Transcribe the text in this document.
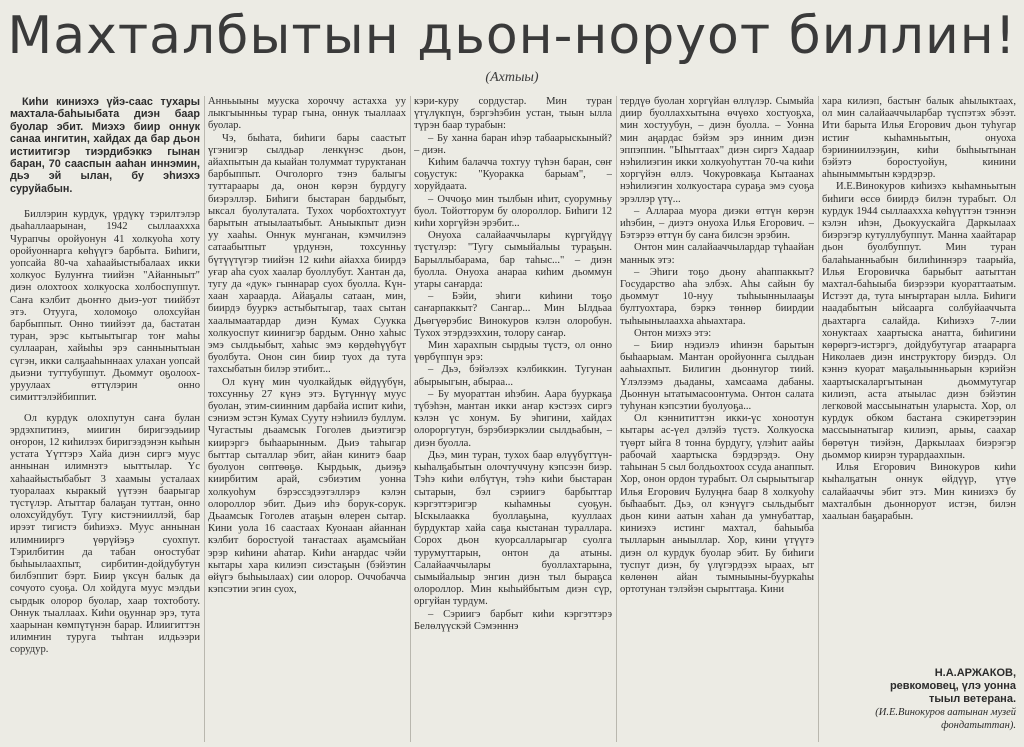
Махталбытын дьон-норуот биллин!
(Ахтыы)

Киһи киниэхэ үйэ-саас тухары махтала-баһыыбата диэн баар буолар эбит. Миэхэ биир оннук санаа ингитин, хайдах да бар дьон истиитигэр тиэрдибэккэ гынан баран, 70 сааспын ааһан иннэмин, дьэ эй ылан, бу эһиэхэ суруйабын.

Биллэрин курдук, үрдүкү тэрилтэлэр дьаһаллаарынан, 1942 сыллааххха Чурапчы оройуонун 41 холкуоһа хоту оройуоннарга көһүүгэ барбыта. Биһиги, уопсайа 80-ча хаһаайыстыбалаах икки холкуос Булуҥҥа тиийэн "Айанныыт" диэн олохтоох холкуоска холбоспуппут. Саҥа кэлбит дьоҥҥо дьиэ-уот тиийбэт этэ. Отууга, холомоҕо олохсуйан барбыппыт. Онно тиийээт да, бастатан туран, эрэс кытыытыгар тоҥ маһы суллааран, хайыһы эрэ саннынытыан сүгэн, икки салҕааһыннаах улахан уопсай дьиэни туттубуппут. Дьоммут оҕолоох-уруулаах өттүлэрин онно симиттэлэйбиппит.

Ол курдук олохпутун саҥа булан эрдэхпитинэ, миигин биригээдьиир оҥорон, 12 киһилээх биригээдэнэн кыһын устата Үүттэрэ Хайа диэн сиргэ муус аннынан илимнэтэ ыыттылар. Үс хаһаайыстыбабыт 3 хаамыы усталаах туоралаах кыракый үүтээн баарыгар түстүлэр. Атыттар балаҕан туттан, онно олохсуйдубут. Тугу кистэнииллэй, бар ирээт тигистэ биһиэхэ. Муус аннынан илимнииргэ үөрүйэҕэ суохпут. Тэрилбитин да табан оҥостубат быһыылаахпыт, сирбитин-дойдубутун билбэппит бэрт. Биир үксүн балык да сочуото суоҕа. Ол хойдуга муус мэлдьи сырдык олорор буолар, хаар тохтоботу. Оннук тыаллаах. Киһи оҕуннар эрэ, тута хаарынан көмпүтүнэн барар. Илиигиттэн илимҥин туруга тыһтан илдьээри сорудур.

Анньыыны мууска хороччу астахха уу лыкгыынньы турар гына, оннук тыаллаах буолар.

Чэ, быһата, биһиги бары саастыт үгэнигэр сылдьар ленкүнэс дьон, айахпытын да кыайан толуммат туруктанан барбыппыт. Очголорго тэнэ балыгы туттараары да, онон көрэн бурдугу биэрэллэр. Биһиги быстаран бардыбыт, ыксал буолуталата. Тухох чорбохтохтуут барытын атыылаатыбыт. Аныыкпыт диэн уу хааһы. Оннук мунганан, кэмчилэнэ сатаабытпыт үрдунэн, тохсунньу бүтүүтүгэр тиийэн 12 киһи айахха биирдэ уғар аһа суох хаалар буоллубут. Хантан да, тугу да «дук» гыннарар суох буолла. Күн-хаан хараарда. Айаҕалы сатаан, мин, биирдэ бууркэ астыбытыгар, таах сытан хаалымаатардар диэн Кумах Суукка холкуоспут киинигэр бардым. Онно хаһыс эмэ сылдьыбыт, хаһыс эмэ көрдөһүүбүт буолбута. Онон син биир туох да тута тахсыбатын билэр этибит...

Ол күнү мин чуолкайдык өйдүүбүн, тохсунньу 27 күнэ этэ. Бүтүннүү муус буолан, этим-сиинним дарбайа испит киһи, сэниэм эстэн Кумах Сууту нэһиилэ буллум. Чугастыы дьаамсык Гоголев дьиэтигэр киирэргэ быһаарынным. Дьиэ таһыгар быттар сыталлар эбит, айан кинитэ баар буолуон сөптөөҕө. Кырдьык, дьиэҕэ киирбитим арай, сэбиэтим уонна холкуоһум бэрэссэдээтэллэрэ кэлэн олороллор эбит. Дьиэ иһэ борук-сорук. Дьаамсык Гоголев атаҕын өлерен сытар. Кини уола 16 саастаах Куонаан айаннан кэлбит боростуой таҥастаах аҕамсыйан эрэр киһини аһатар. Киһи аҥардас чэйи кытары хара килиэп сиэстаҕын (бэйэтин өйүгэ быһыылаах) сии олорор. Оччобачча кэпсэтии эгин суох,

кэри-куру сордустар. Мин туран үтүлүкпүн, бэргэһэбин устан, тыын ылла түрэн баар турабын:

– Бу ханна баран иһэр табаарыскыный? – диэн.

Киһим балачча тохтуу түһэн баран, сөҥ соҕустук: "Куоракка барыам", – хоруйдаата.

– Оччоҕо мин тылбын иһит, суорумньу буол. Тойотторум бу олороллор. Биһиги 12 киһи хоргүйэн эрэбит...

Онуоха салайааччылары күргүйдүү түстүлэр: "Тугу сымыйалыы тураҕын. Барыллыбарама, бар таһыс..." – диэн буолла. Онуоха анараа киһим дьоммун утары саҥарда:

– Бэйи, эһиги киһини тоҕо саҥарпаккыт? Сангар... Мин Ылдьаа Дьөгүөрэбис Винокуров кэлэн олоробун. Тухох этэрдээххин, толору саҥар.

Мин харахпын сырдыы түстэ, ол онно үөрбүппүн эрэ:

– Дьэ, бэйэлээх кэлбиккин. Тугунан абырыыгын, абыраа...

– Бу муораттан иһэбин. Аара бууркаҕа түбэһэн, мантан икки аҥар кэстээх сиргэ кэлэн үс хонум. Бу эһигини, хайдах олороргутун, бэрэбиэркэлии сылдьабын, – диэн буолла.

Дьэ, мин туран, тухох баар өлүүбүттүн-кыһалҕабытын олочтуччуну кэпсээн биэр. Тэһэ киһи өлбүтүн, тэһэ киһи быстаран сытарын, бэл сэриигэ барбыттар кэргэттэригэр кыһамньы суоҕун. Ыскылаакка буоллаҕына, кууллаах бурдуктар хайа саҕа кыстанан тураллара. Сорох дьон куорсалларыгар суолга турумуттарын, онтон да атыны. Салайааччылары буоллахтарына, сымыйалыыр энгин диэн тыл быраҕса олороллор. Мин кыһыйбытым диэн сүр, оргуйан турдум.

– Сэриигэ барбыт киһи кэргэттэрэ Белөлүүскэй Сэмэнннэ

тердүө буолан хоргүйан өллүлэр. Сымыйа диир буоллаххытына өчүөхо хостуоҕха, мин хостуубун, – диэн буолла. – Уонна мин аңардас бэйэм эрэ инним диэн эппэппин. "Ыһыттаах" диэн сиргэ Хадаар нэһилиэгин икки холкуоһуттан 70-ча киһи хоргүйэн өллэ. Чокуровкаҕа Кытаанах нэһилиэгин холкуостара сураҕа эмэ суоҕа эрэллэр үтү...

– Аллараа муора диэки өттүн көрэн иһэбин, – диэтэ онуоха Илья Егорович. – Бэтэрээ өттүн бу саҥа билсэн эрэбин.

Онтон мин салайааччылардар түһаайан маннык этэ:

– Эһиги тоҕо дьону аһаппаккыт? Государство аһа элбэх. Аһы сайын бу дьоммут 10-нуу тыһыыннылааҕы бултуохтара, бэркэ төннөр биирдии тыһыынылаахха аһыахтара.

Онтон миэхэ этэ:

– Биир нэдиэлэ иһинэн барытын быһаарыам. Мантан оройуоннга сылдьан ааһыахпыт. Билигин дьоннугор тиий. Үлэлээмэ дьаданы, хамсаама дабаны. Дьоннун ытатымасоонтума. Онтон салата туһунан кэпсэтии буолуоҕа...

Ол кэннититтэн икки-үс хоноотун кытары ас-үел дэлэйэ түстэ. Холкуоска түөрт ыйга 8 тонна бурдугу, үлэһит аайы рабочай хаартыска бэрдэрэдэ. Ону таһынан 5 сыл болдьохтоох ссуда анаппыт. Хор, онон ордон турабыт. Ол сырыытыгар Илья Егорович Булуңҥа баар 8 холкуоһу бы̄һаабыт. Дьэ, ол кэнүүгэ сыльдыбыт дьон кини аатын хаһан да умнубаттар, киниэхэ истинг махтал, баһыыба тылларын аныыллар. Хор, кини үтүүтэ диэн ол курдук буолар эбит. Бу биһиги туспут диэн, бу үлүгэрдээх ыраах, ыт көлөнөн айан тымныыны-бууркаһы ортотунан тэлэйэн сырыттаҕа. Кини

хара килиэп, бастыҥ балык аһылыктаах, ол мин салайааччыларбар түспэтэх эбээт. Ити барыта Илья Егорович дьон туһугар истиҥ кыһамньытын, онуоха бэрииниилээҕин, киһи быһыытынан бэйэтэ боростуойун, кинини аһыныммытын кэрдэрэр.

И.Е.Винокуров киһиэхэ кыһамньытын биһиги өссө биирдэ билэн турабыт. Ол курдук 1944 сыллааххха көһүүттэн тэннэн кэлэн иһэн, Дьокуускайга Даркылаах биэрэгэр кутуллубуппут. Манна хаайтарар дьон буолбуппут. Мин туран балаһыанньабын билиһиннэрэ таарыйа, Илья Егоровичка барыбыт аатыттан махтал-баһыыба биэрээри куораттаатым. Истээт да, тута ыҥыртаран ылла. Биһиги наадабытын ыйсаарга солбуйааччыта дьахтарга салайда. Киһиэхэ 7-лии хонуктаах хаартыска анатта, биһигини көрөргэ-истэргэ, дойдубутугар атаарарга Николаев диэн инструктору биэрдэ. Ол кэннэ куорат маҕалыынньарын кэрийэн хаартыскаларгытынан дьоммутугар килиэп, аста атыылас диэн бэйэтин легковой массыынатын уларыста. Хор, ол курдук обком бастаҥа сэкиретээрин массыынатыгар килиэп, арыы, саахар бөрөтүн тиэйэн, Даркылаах биэрэгэр дьоммор киирэн турардаахпын.

Илья Егорович Винокуров киһи кыһалҕатын оннук өйдүүр, үтүө салайааччы эбит этэ. Мин киниэхэ бу махталбын дьонноруот истэн, билэн хаалыан баҕарабын.

Н.А.АРЖАКОВ,
ревкомовец, үлэ уонна
тыыл ветерана.
(И.Е.Винокуров аатынан музей фондатыттан).
